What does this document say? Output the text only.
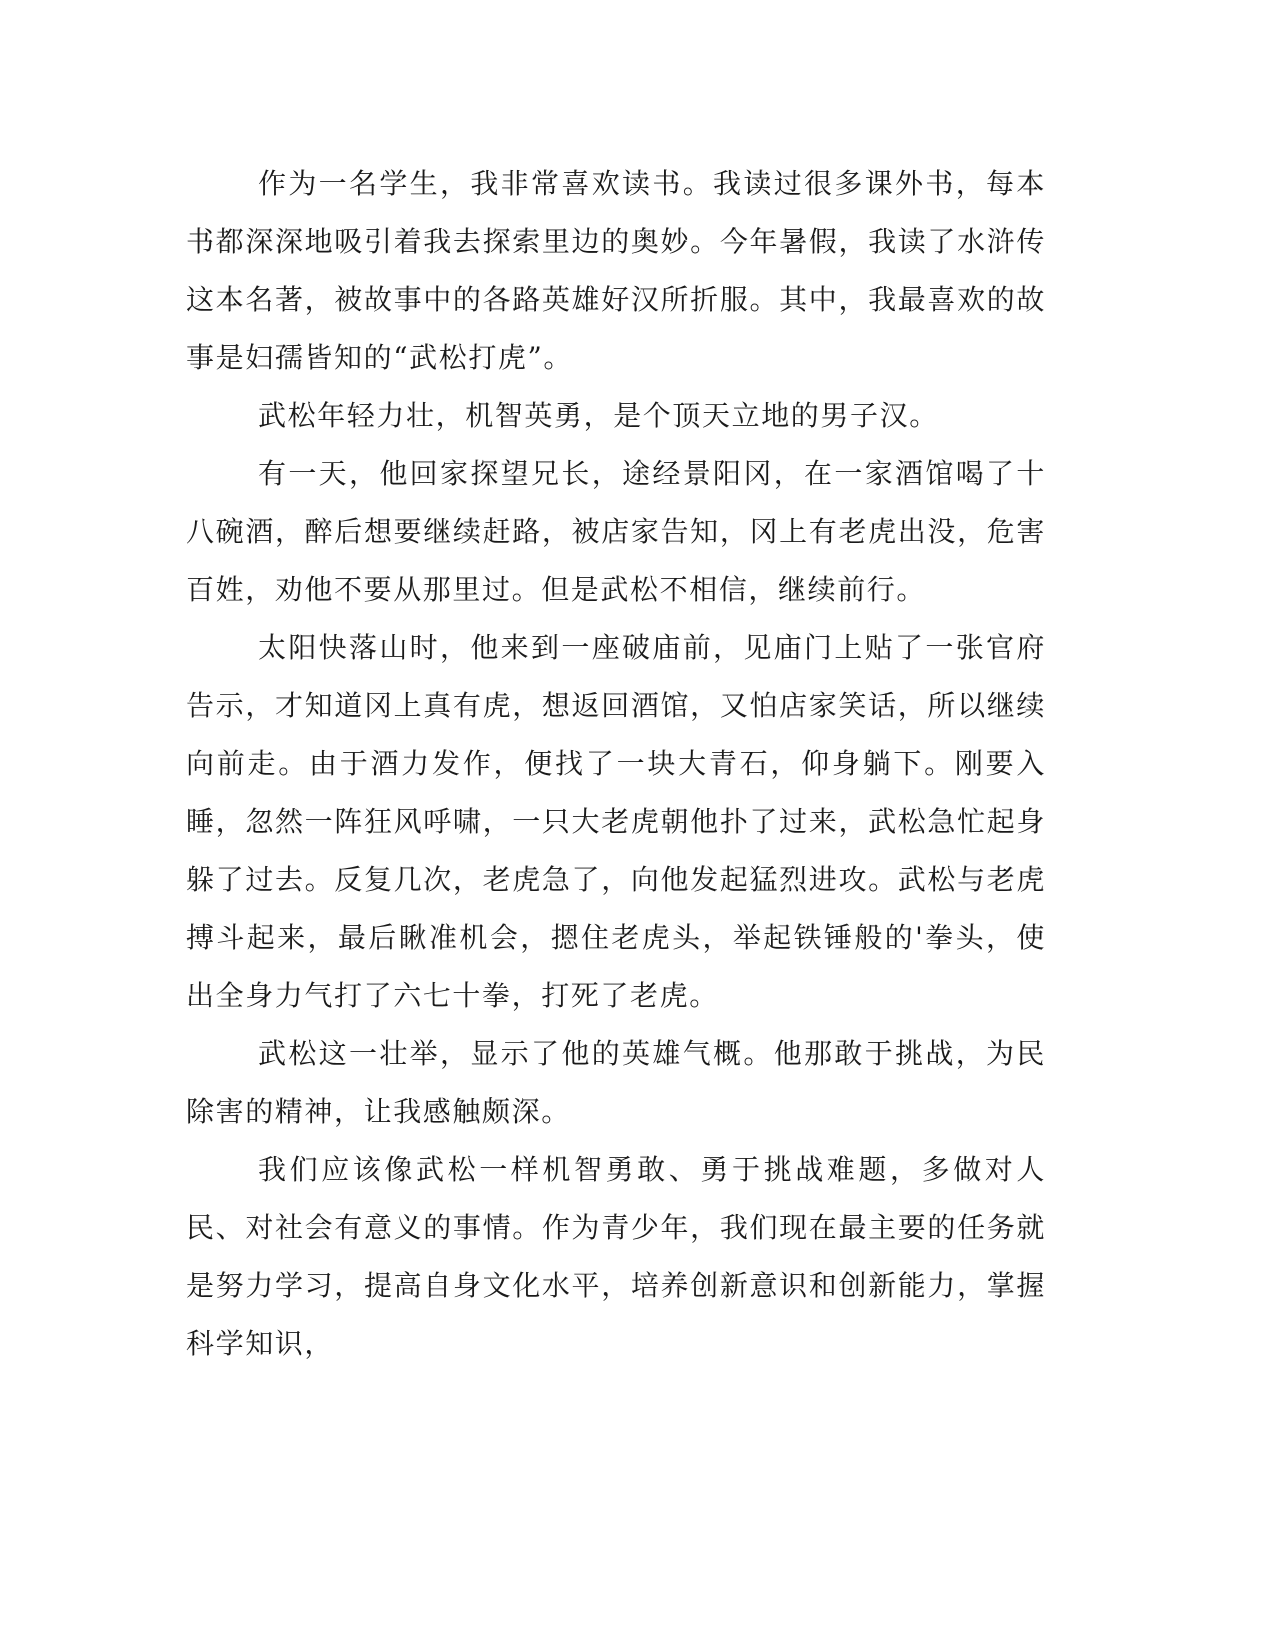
作为一名学生，我非常喜欢读书。我读过很多课外书，每本书都深深地吸引着我去探索里边的奥妙。今年暑假，我读了水浒传这本名著，被故事中的各路英雄好汉所折服。其中，我最喜欢的故事是妇孺皆知的“武松打虎”。

武松年轻力壮，机智英勇，是个顶天立地的男子汉。

有一天，他回家探望兄长，途经景阳冈，在一家酒馆喝了十八碗酒，醉后想要继续赶路，被店家告知，冈上有老虎出没，危害百姓，劝他不要从那里过。但是武松不相信，继续前行。

太阳快落山时，他来到一座破庙前，见庙门上贴了一张官府告示，才知道冈上真有虎，想返回酒馆，又怕店家笑话，所以继续向前走。由于酒力发作，便找了一块大青石，仰身躺下。刚要入睡，忽然一阵狂风呼啸，一只大老虎朝他扑了过来，武松急忙起身躲了过去。反复几次，老虎急了，向他发起猛烈进攻。武松与老虎搏斗起来，最后瞅准机会，摁住老虎头，举起铁锤般的'拳头，使出全身力气打了六七十拳，打死了老虎。

武松这一壮举，显示了他的英雄气概。他那敢于挑战，为民除害的精神，让我感触颇深。

我们应该像武松一样机智勇敢、勇于挑战难题，多做对人民、对社会有意义的事情。作为青少年，我们现在最主要的任务就是努力学习，提高自身文化水平，培养创新意识和创新能力，掌握科学知识，
